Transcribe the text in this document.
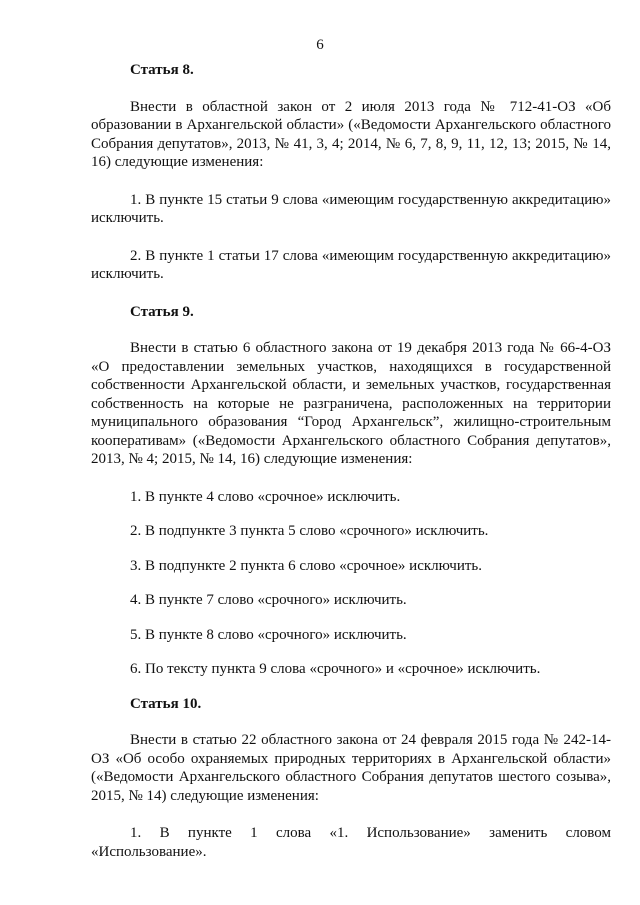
6
Статья 8.

Внести в областной закон от 2 июля 2013 года № 712-41-ОЗ «Об образовании в Архангельской области» («Ведомости Архангельского областного Собрания депутатов», 2013, № 41, 3, 4; 2014, № 6, 7, 8, 9, 11, 12, 13; 2015, № 14, 16) следующие изменения:

1. В пункте 15 статьи 9 слова «имеющим государственную аккредитацию» исключить.

2. В пункте 1 статьи 17 слова «имеющим государственную аккредитацию» исключить.

Статья 9.

Внести в статью 6 областного закона от 19 декабря 2013 года № 66-4-ОЗ «О предоставлении земельных участков, находящихся в государственной собственности Архангельской области, и земельных участков, государственная собственность на которые не разграничена, расположенных на территории муниципального образования “Город Архангельск”, жилищно-строительным кооперативам» («Ведомости Архангельского областного Собрания депутатов», 2013, № 4; 2015, № 14, 16) следующие изменения:

1. В пункте 4 слово «срочное» исключить.

2. В подпункте 3 пункта 5 слово «срочного» исключить.

3. В подпункте 2 пункта 6 слово «срочное» исключить.

4. В пункте 7 слово «срочного» исключить.

5. В пункте 8 слово «срочного» исключить.

6. По тексту пункта 9 слова «срочного» и «срочное» исключить.

Статья 10.

Внести в статью 22 областного закона от 24 февраля 2015 года № 242-14-ОЗ «Об особо охраняемых природных территориях в Архангельской области» («Ведомости Архангельского областного Собрания депутатов шестого созыва», 2015, № 14) следующие изменения:

1. В пункте 1 слова «1. Использование» заменить словом «Использование».
